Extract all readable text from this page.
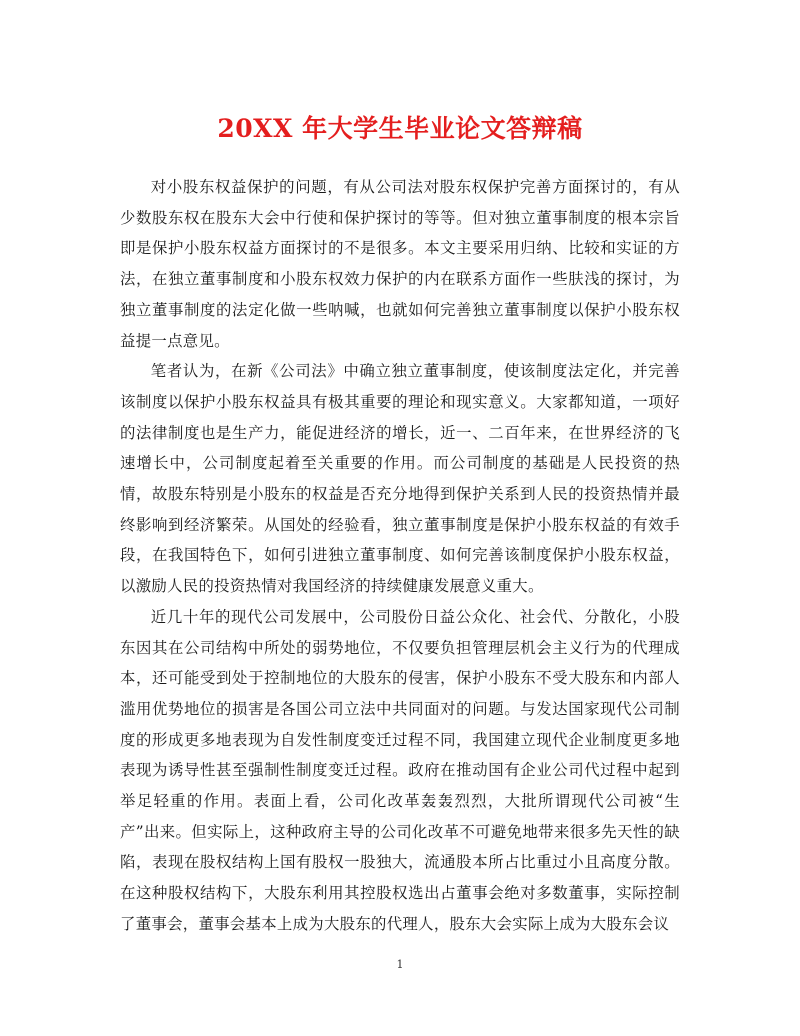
20XX 年大学生毕业论文答辩稿

对小股东权益保护的问题，有从公司法对股东权保护完善方面探讨的，有从少数股东权在股东大会中行使和保护探讨的等等。但对独立董事制度的根本宗旨即是保护小股东权益方面探讨的不是很多。本文主要采用归纳、比较和实证的方法，在独立董事制度和小股东权效力保护的内在联系方面作一些肤浅的探讨，为独立董事制度的法定化做一些呐喊，也就如何完善独立董事制度以保护小股东权益提一点意见。

笔者认为，在新《公司法》中确立独立董事制度，使该制度法定化，并完善该制度以保护小股东权益具有极其重要的理论和现实意义。大家都知道，一项好的法律制度也是生产力，能促进经济的增长，近一、二百年来，在世界经济的飞速增长中，公司制度起着至关重要的作用。而公司制度的基础是人民投资的热情，故股东特别是小股东的权益是否充分地得到保护关系到人民的投资热情并最终影响到经济繁荣。从国处的经验看，独立董事制度是保护小股东权益的有效手段，在我国特色下，如何引进独立董事制度、如何完善该制度保护小股东权益，以激励人民的投资热情对我国经济的持续健康发展意义重大。

近几十年的现代公司发展中，公司股份日益公众化、社会代、分散化，小股东因其在公司结构中所处的弱势地位，不仅要负担管理层机会主义行为的代理成本，还可能受到处于控制地位的大股东的侵害，保护小股东不受大股东和内部人滥用优势地位的损害是各国公司立法中共同面对的问题。与发达国家现代公司制度的形成更多地表现为自发性制度变迁过程不同，我国建立现代企业制度更多地表现为诱导性甚至强制性制度变迁过程。政府在推动国有企业公司代过程中起到举足轻重的作用。表面上看，公司化改革轰轰烈烈，大批所谓现代公司被“生产”出来。但实际上，这种政府主导的公司化改革不可避免地带来很多先天性的缺陷，表现在股权结构上国有股权一股独大，流通股本所占比重过小且高度分散。在这种股权结构下，大股东利用其控股权选出占董事会绝对多数董事，实际控制了董事会，董事会基本上成为大股东的代理人，股东大会实际上成为大股东会议

1
